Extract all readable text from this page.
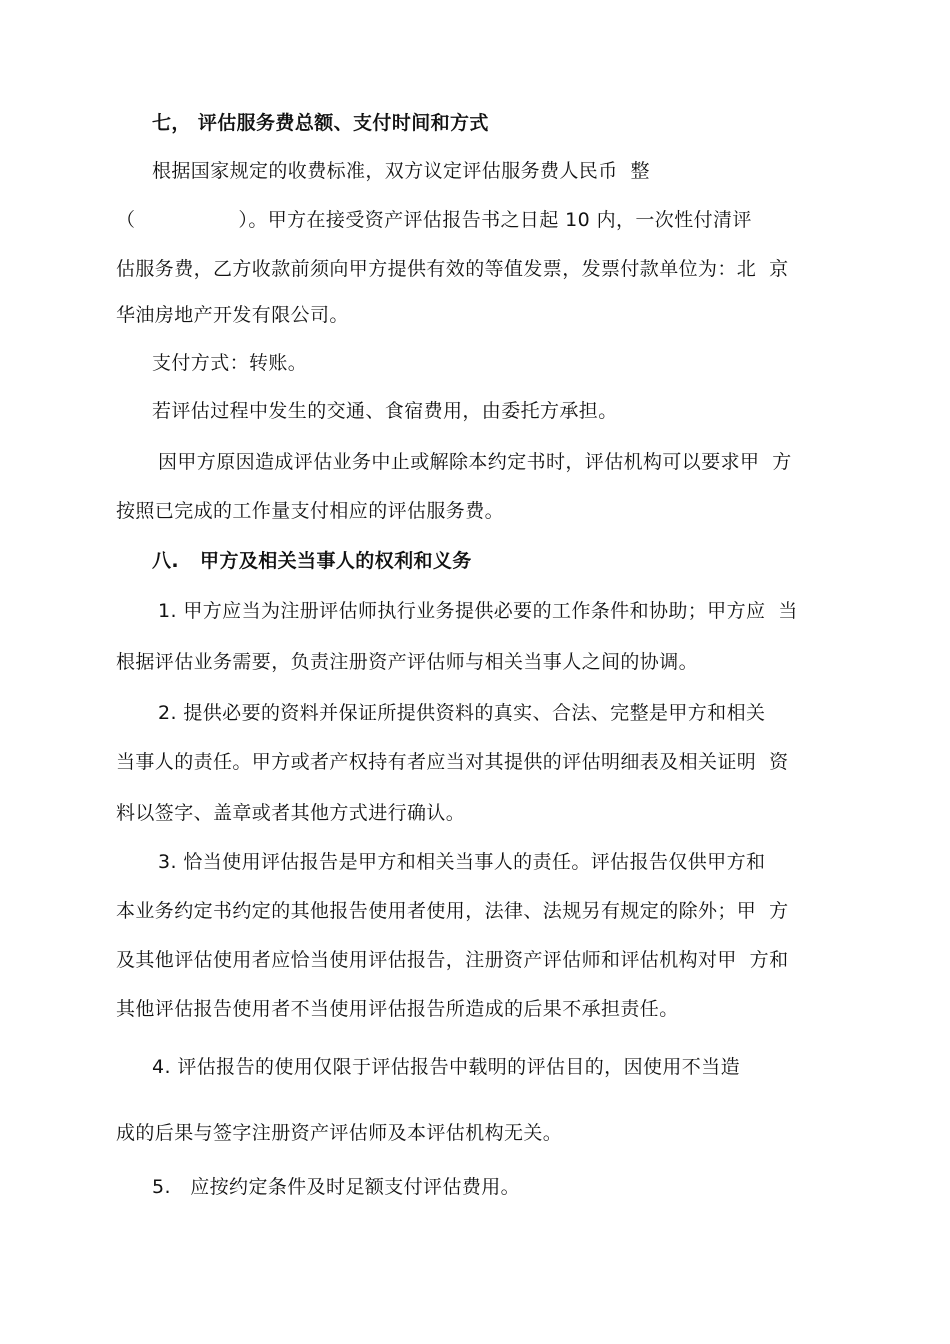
七， 评估服务费总额、支付时间和方式
根据国家规定的收费标准，双方议定评估服务费人民币  整
（                ）。甲方在接受资产评估报告书之日起 10 内，一次性付清评
估服务费，乙方收款前须向甲方提供有效的等值发票，发票付款单位为：北  京
华油房地产开发有限公司。
支付方式：转账。
若评估过程中发生的交通、食宿费用，由委托方承担。
因甲方原因造成评估业务中止或解除本约定书时，评估机构可以要求甲  方
按照已完成的工作量支付相应的评估服务费。
八.   甲方及相关当事人的权利和义务
1. 甲方应当为注册评估师执行业务提供必要的工作条件和协助；甲方应  当
根据评估业务需要，负责注册资产评估师与相关当事人之间的协调。
2. 提供必要的资料并保证所提供资料的真实、合法、完整是甲方和相关
当事人的责任。甲方或者产权持有者应当对其提供的评估明细表及相关证明  资
料以签字、盖章或者其他方式进行确认。
3. 恰当使用评估报告是甲方和相关当事人的责任。评估报告仅供甲方和
本业务约定书约定的其他报告使用者使用，法律、法规另有规定的除外；甲  方
及其他评估使用者应恰当使用评估报告，注册资产评估师和评估机构对甲  方和
其他评估报告使用者不当使用评估报告所造成的后果不承担责任。
4. 评估报告的使用仅限于评估报告中载明的评估目的，因使用不当造
成的后果与签字注册资产评估师及本评估机构无关。
5.   应按约定条件及时足额支付评估费用。
